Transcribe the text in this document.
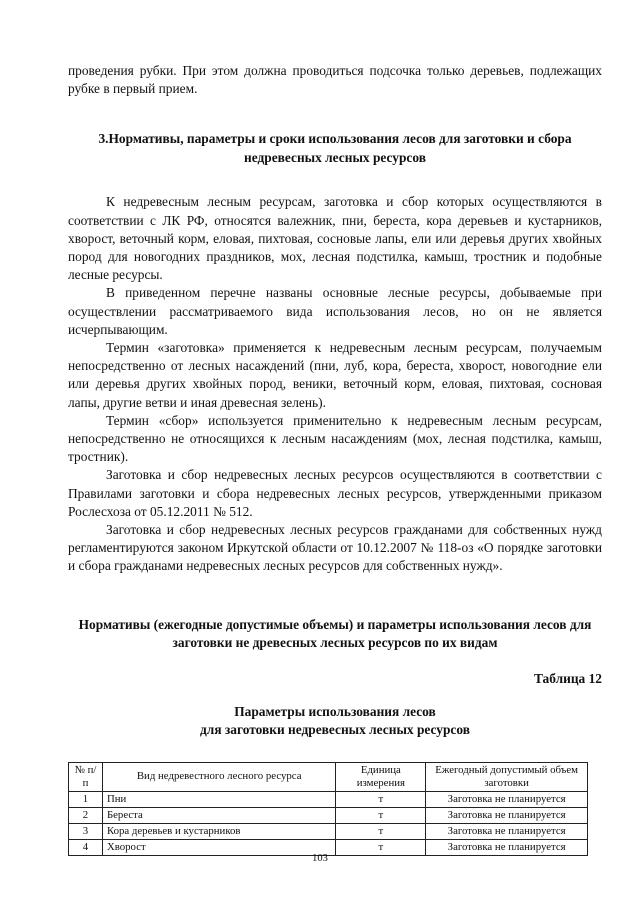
проведения рубки. При этом должна проводиться подсочка только деревьев, подлежащих рубке в первый прием.

3.Нормативы, параметры и сроки использования лесов для заготовки и сбора недревесных лесных ресурсов

К недревесным лесным ресурсам, заготовка и сбор которых осуществляются в соответствии с ЛК РФ, относятся валежник, пни, береста, кора деревьев и кустарников, хворост, веточный корм, еловая, пихтовая, сосновые лапы, ели или деревья других хвойных пород для новогодних праздников, мох, лесная подстилка, камыш, тростник и подобные лесные ресурсы.

В приведенном перечне названы основные лесные ресурсы, добываемые при осуществлении рассматриваемого вида использования лесов, но он не является исчерпывающим.

Термин «заготовка» применяется к недревесным лесным ресурсам, получаемым непосредственно от лесных насаждений (пни, луб, кора, береста, хворост, новогодние ели или деревья других хвойных пород, веники, веточный корм, еловая, пихтовая, сосновая лапы, другие ветви и иная древесная зелень).

Термин «сбор» используется применительно к недревесным лесным ресурсам, непосредственно не относящихся к лесным насаждениям (мох, лесная подстилка, камыш, тростник).

Заготовка и сбор недревесных лесных ресурсов осуществляются в соответствии с Правилами заготовки и сбора недревесных лесных ресурсов, утвержденными приказом Рослесхоза от 05.12.2011 № 512.

Заготовка и сбор недревесных лесных ресурсов гражданами для собственных нужд регламентируются законом Иркутской области от 10.12.2007 № 118-оз «О порядке заготовки и сбора гражданами недревесных лесных ресурсов для собственных нужд».

Нормативы (ежегодные допустимые объемы) и параметры использования лесов для заготовки не древесных лесных ресурсов по их видам

Таблица 12

Параметры использования лесов
для заготовки недревесных лесных ресурсов

№ п/п	Вид недревестного лесного ресурса	Единица измерения	Ежегодный допустимый объем заготовки
1	Пни	т	Заготовка не планируется
2	Береста	т	Заготовка не планируется
3	Кора деревьев и кустарников	т	Заготовка не планируется
4	Хворост	т	Заготовка не планируется
103
